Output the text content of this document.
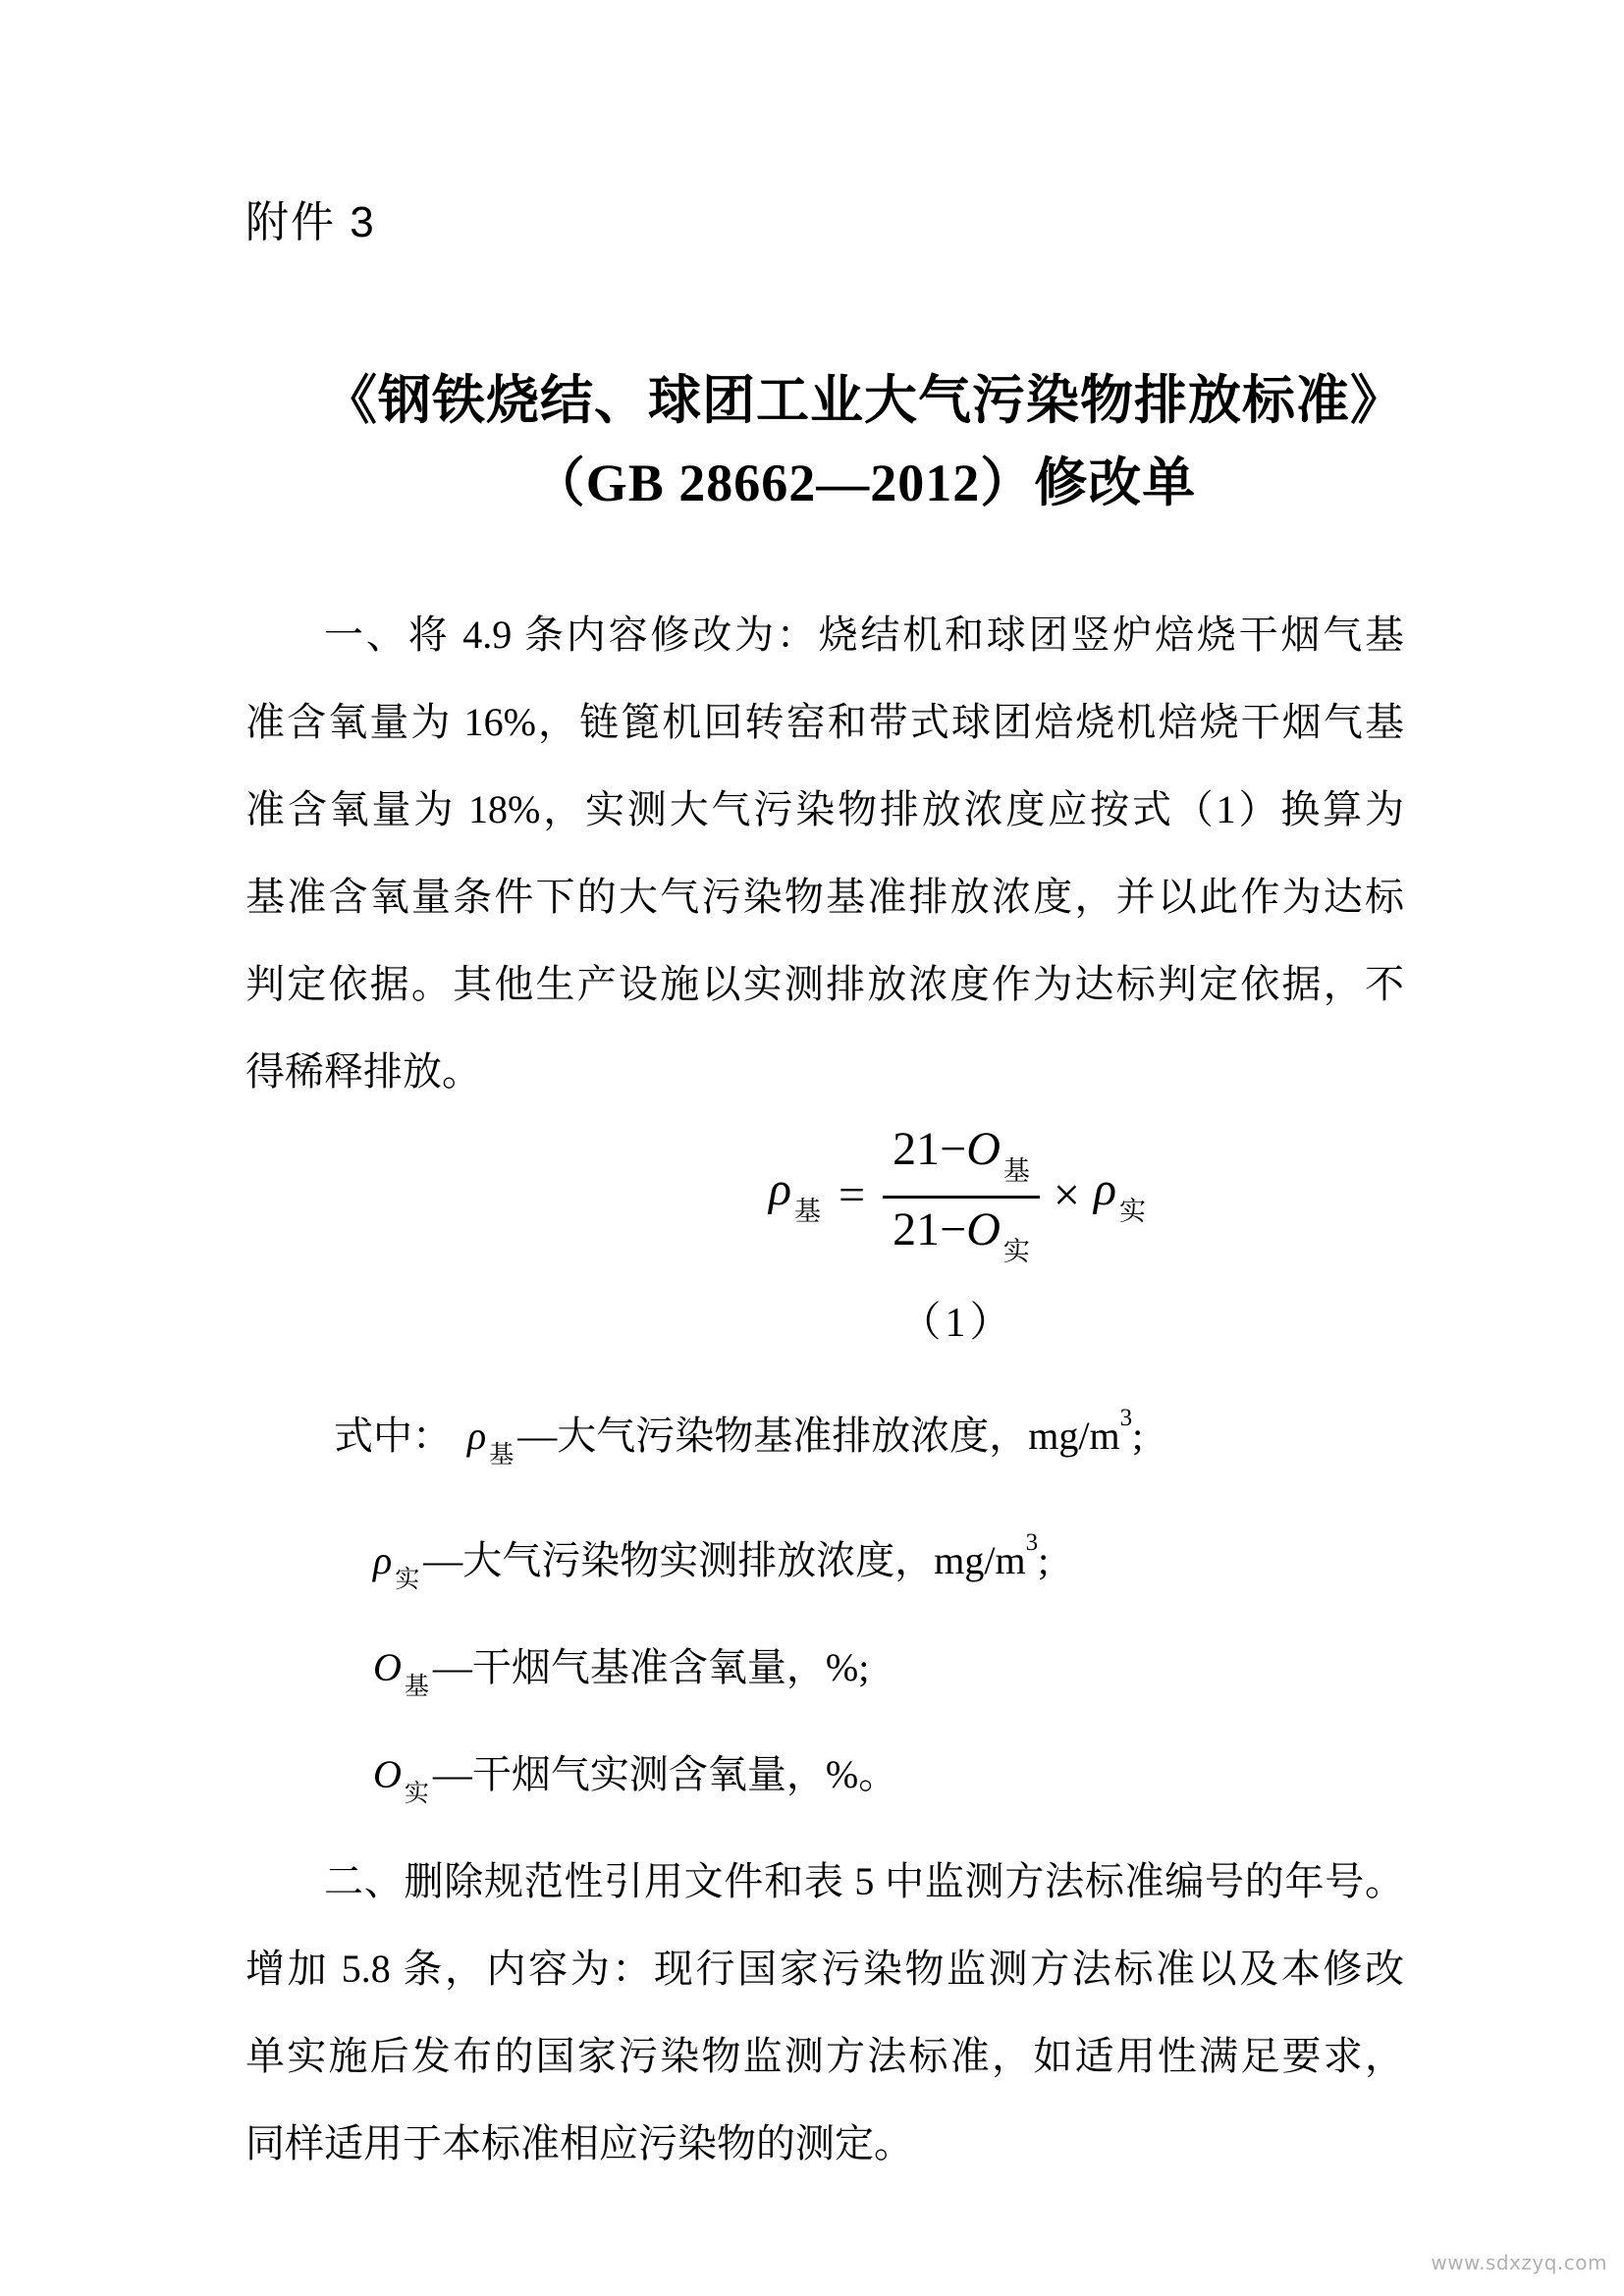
附件 3
《钢铁烧结、球团工业大气污染物排放标准》
（GB 28662—2012）修改单
一、将 4.9 条内容修改为：烧结机和球团竖炉焙烧干烟气基
准含氧量为 16%，链篦机回转窑和带式球团焙烧机焙烧干烟气基
准含氧量为 18%，实测大气污染物排放浓度应按式（1）换算为
基准含氧量条件下的大气污染物基准排放浓度，并以此作为达标
判定依据。其他生产设施以实测排放浓度作为达标判定依据，不
得稀释排放。
ρ $_基 = \frac{21-O _基}{21-O _实} \times \rho$ $_实$
（1）
式中： ρ $_基$ —大气污染物基准排放浓度，$mg/m^3$;
ρ $_实$ —大气污染物实测排放浓度，$mg/m^3$;
O $_基$ —干烟气基准含氧量，%;
O $_实$ —干烟气实测含氧量，%。
二、删除规范性引用文件和表 5 中监测方法标准编号的年号。
增加 5.8 条，内容为：现行国家污染物监测方法标准以及本修改
单实施后发布的国家污染物监测方法标准，如适用性满足要求，
同样适用于本标准相应污染物的测定。
www.sdxzyq.com
